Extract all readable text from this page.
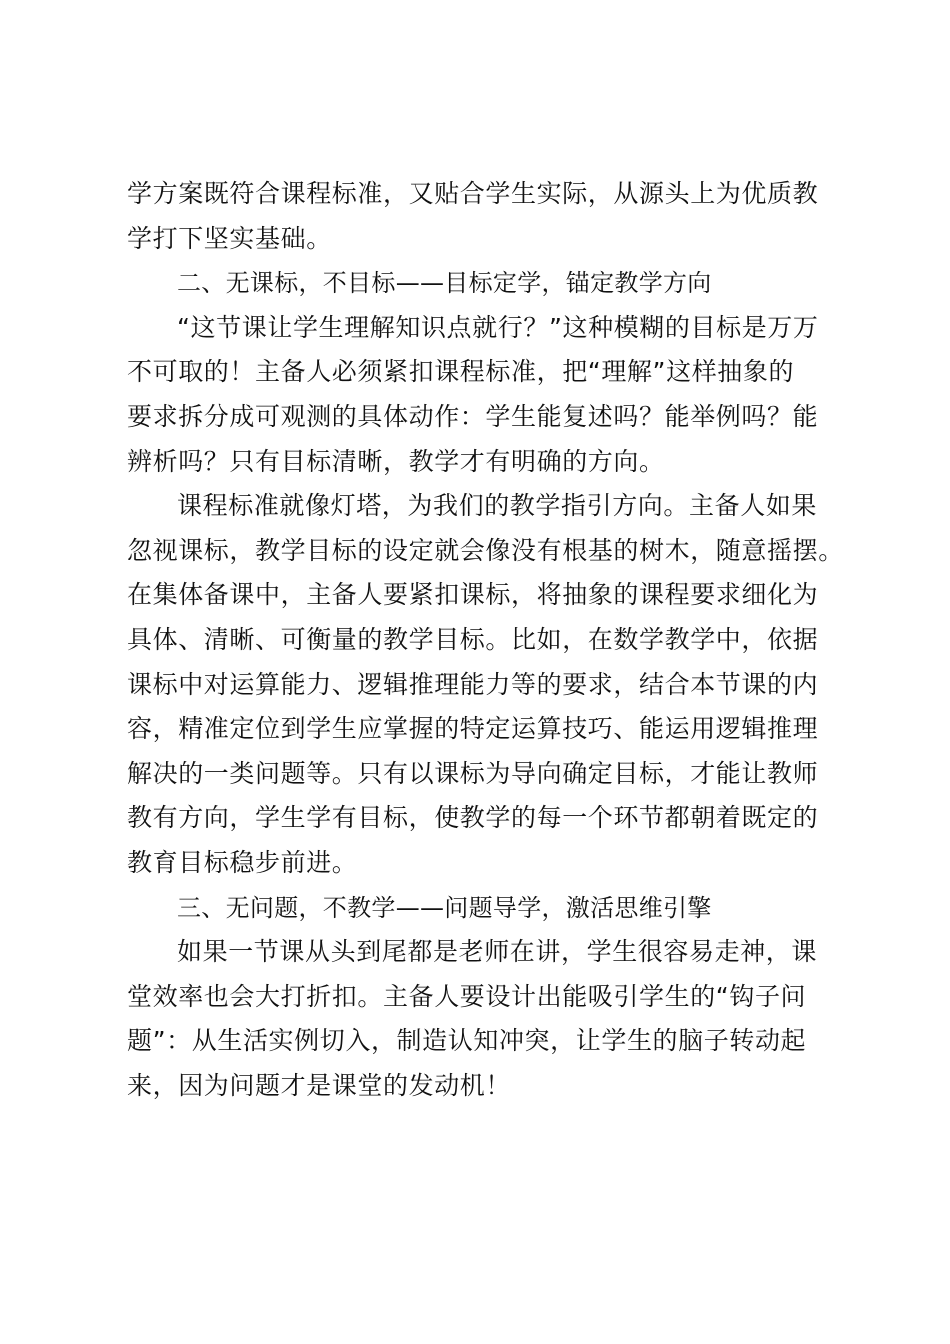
学方案既符合课程标准，又贴合学生实际，从源头上为优质教
学打下坚实基础。

二、无课标，不目标——目标定学，锚定教学方向

“这节课让学生理解知识点就行？”这种模糊的目标是万万
不可取的！主备人必须紧扣课程标准，把“理解”这样抽象的
要求拆分成可观测的具体动作：学生能复述吗？能举例吗？能
辨析吗？只有目标清晰，教学才有明确的方向。

课程标准就像灯塔，为我们的教学指引方向。主备人如果
忽视课标，教学目标的设定就会像没有根基的树木，随意摇摆。
在集体备课中，主备人要紧扣课标，将抽象的课程要求细化为
具体、清晰、可衡量的教学目标。比如，在数学教学中，依据
课标中对运算能力、逻辑推理能力等的要求，结合本节课的内
容，精准定位到学生应掌握的特定运算技巧、能运用逻辑推理
解决的一类问题等。只有以课标为导向确定目标，才能让教师
教有方向，学生学有目标，使教学的每一个环节都朝着既定的
教育目标稳步前进。

三、无问题，不教学——问题导学，激活思维引擎

如果一节课从头到尾都是老师在讲，学生很容易走神，课
堂效率也会大打折扣。主备人要设计出能吸引学生的“钩子问
题”：从生活实例切入，制造认知冲突，让学生的脑子转动起
来，因为问题才是课堂的发动机！
